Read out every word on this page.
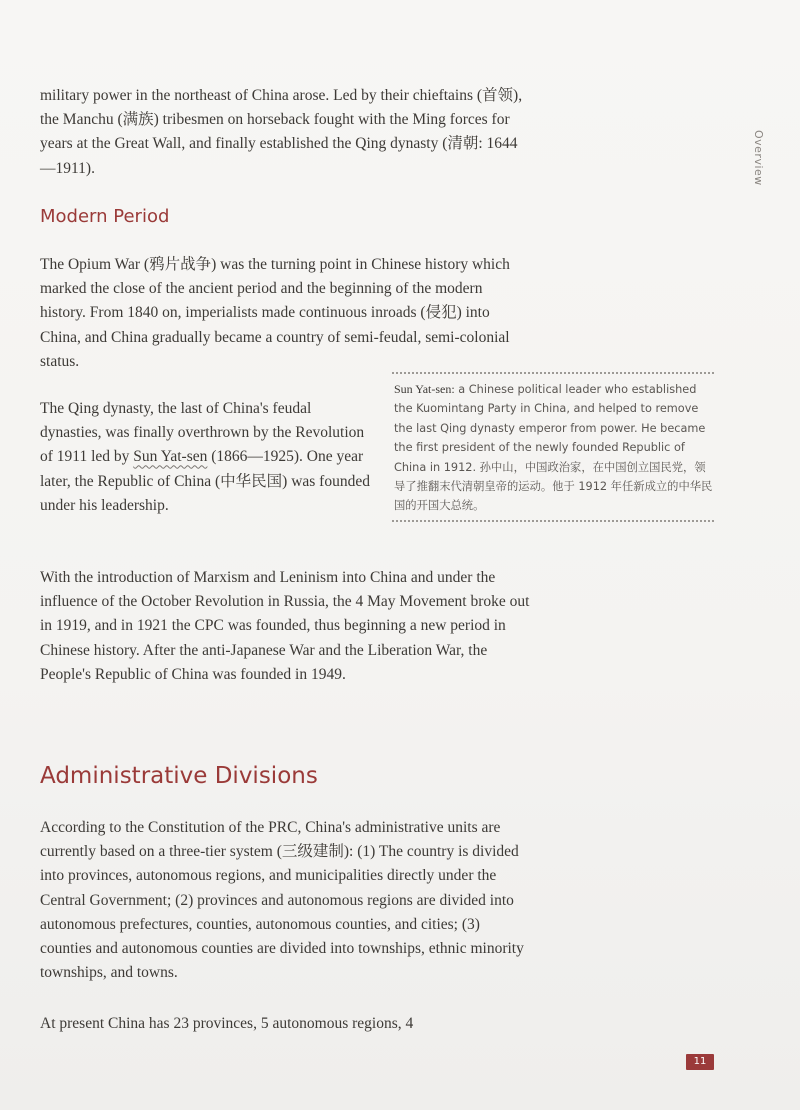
Overview

military power in the northeast of China arose. Led by their chieftains (首领), the Manchu (满族) tribesmen on horseback fought with the Ming forces for years at the Great Wall, and finally established the Qing dynasty (清朝: 1644—1911).

Modern Period

The Opium War (鸦片战争) was the turning point in Chinese history which marked the close of the ancient period and the beginning of the modern history. From 1840 on, imperialists made continuous inroads (侵犯) into China, and China gradually became a country of semi-feudal, semi-colonial status.

The Qing dynasty, the last of China's feudal dynasties, was finally overthrown by the Revolution of 1911 led by Sun Yat-sen (1866—1925). One year later, the Republic of China (中华民国) was founded under his leadership.

Sun Yat-sen: a Chinese political leader who established the Kuomintang Party in China, and helped to remove the last Qing dynasty emperor from power. He became the first president of the newly founded Republic of China in 1912. 孙中山，中国政治家，在中国创立国民党，领导了推翻末代清朝皇帝的运动。他于 1912 年任新成立的中华民国的开国大总统。

With the introduction of Marxism and Leninism into China and under the influence of the October Revolution in Russia, the 4 May Movement broke out in 1919, and in 1921 the CPC was founded, thus beginning a new period in Chinese history. After the anti-Japanese War and the Liberation War, the People's Republic of China was founded in 1949.

Administrative Divisions

According to the Constitution of the PRC, China's administrative units are currently based on a three-tier system (三级建制): (1) The country is divided into provinces, autonomous regions, and municipalities directly under the Central Government; (2) provinces and autonomous regions are divided into autonomous prefectures, counties, autonomous counties, and cities; (3) counties and autonomous counties are divided into townships, ethnic minority townships, and towns.

At present China has 23 provinces, 5 autonomous regions, 4

11
